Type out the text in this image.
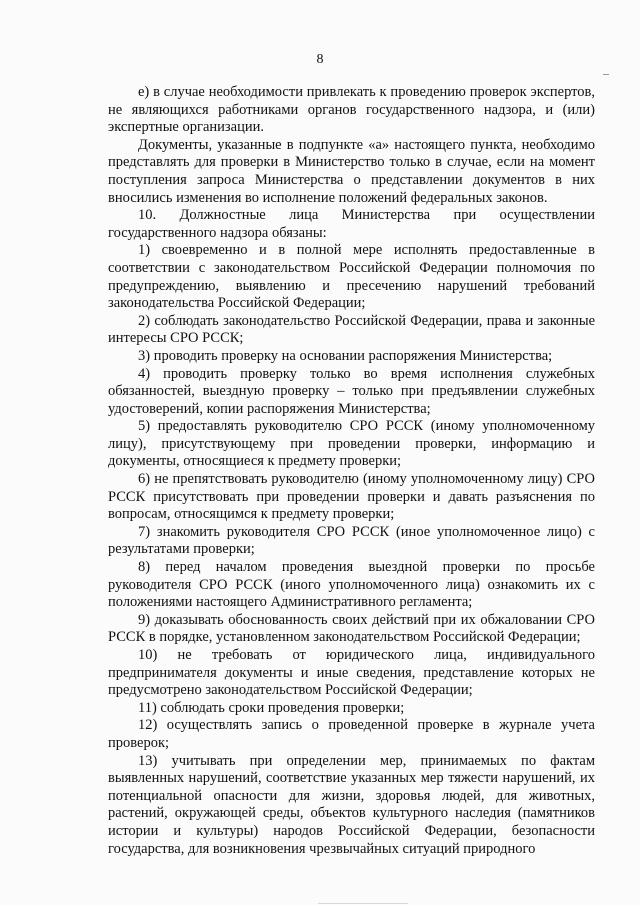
8

е) в случае необходимости привлекать к проведению проверок экспертов, не являющихся работниками органов государственного надзора, и (или) экспертные организации.

Документы, указанные в подпункте «а» настоящего пункта, необходимо представлять для проверки в Министерство только в случае, если на момент поступления запроса Министерства о представлении документов в них вносились изменения во исполнение положений федеральных законов.

10. Должностные лица Министерства при осуществлении государственного надзора обязаны:

1) своевременно и в полной мере исполнять предоставленные в соответствии с законодательством Российской Федерации полномочия по предупреждению, выявлению и пресечению нарушений требований законодательства Российской Федерации;

2) соблюдать законодательство Российской Федерации, права и законные интересы СРО РССК;

3) проводить проверку на основании распоряжения Министерства;

4) проводить проверку только во время исполнения служебных обязанностей, выездную проверку – только при предъявлении служебных удостоверений, копии распоряжения Министерства;

5) предоставлять руководителю СРО РССК (иному уполномоченному лицу), присутствующему при проведении проверки, информацию и документы, относящиеся к предмету проверки;

6) не препятствовать руководителю (иному уполномоченному лицу) СРО РССК присутствовать при проведении проверки и давать разъяснения по вопросам, относящимся к предмету проверки;

7) знакомить руководителя СРО РССК (иное уполномоченное лицо) с результатами проверки;

8) перед началом проведения выездной проверки по просьбе руководителя СРО РССК (иного уполномоченного лица) ознакомить их с положениями настоящего Административного регламента;

9) доказывать обоснованность своих действий при их обжаловании СРО РССК в порядке, установленном законодательством Российской Федерации;

10) не требовать от юридического лица, индивидуального предпринимателя документы и иные сведения, представление которых не предусмотрено законодательством Российской Федерации;

11) соблюдать сроки проведения проверки;

12) осуществлять запись о проведенной проверке в журнале учета проверок;

13) учитывать при определении мер, принимаемых по фактам выявленных нарушений, соответствие указанных мер тяжести нарушений, их потенциальной опасности для жизни, здоровья людей, для животных, растений, окружающей среды, объектов культурного наследия (памятников истории и культуры) народов Российской Федерации, безопасности государства, для возникновения чрезвычайных ситуаций природного
